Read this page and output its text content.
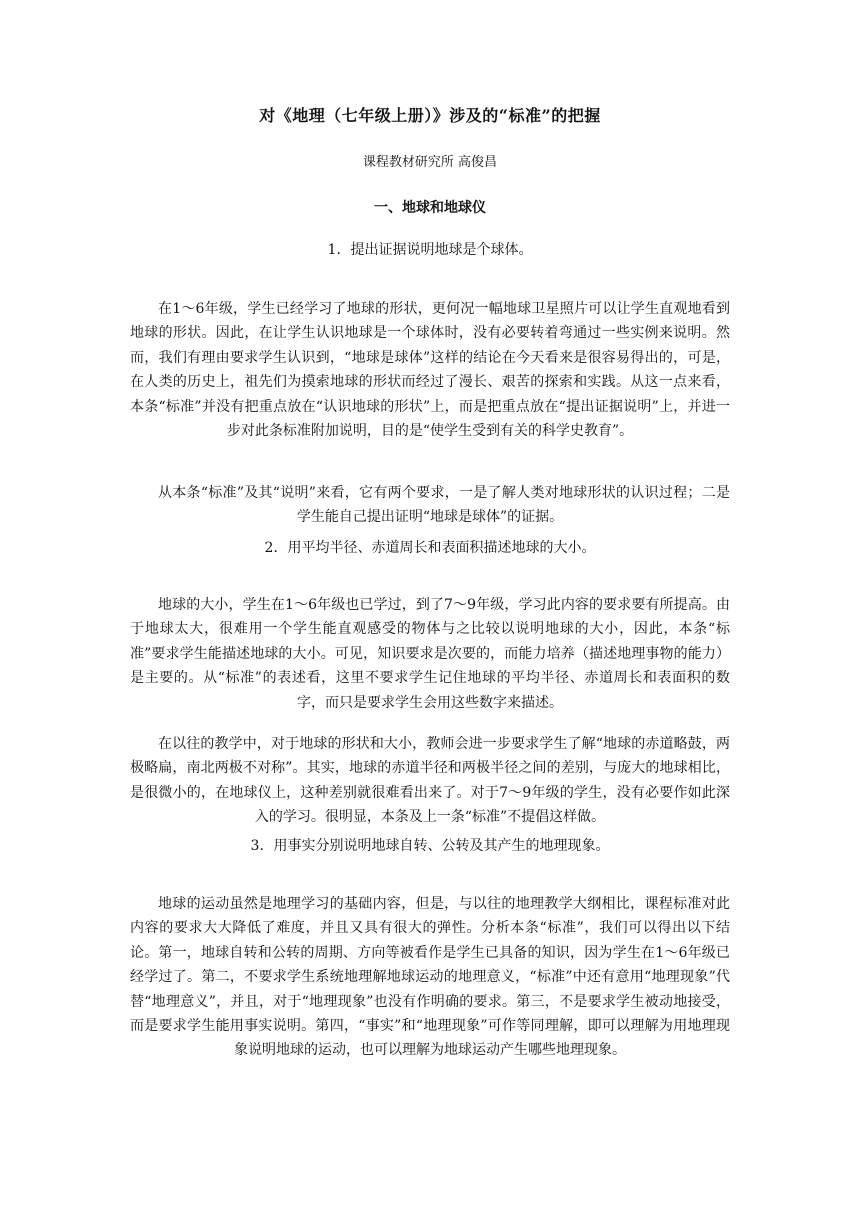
对《地理（七年级上册）》涉及的“标准”的把握
课程教材研究所 高俊昌
一、地球和地球仪
1．提出证据说明地球是个球体。

在1～6年级，学生已经学习了地球的形状，更何况一幅地球卫星照片可以让学生直观地看到地球的形状。因此，在让学生认识地球是一个球体时，没有必要转着弯通过一些实例来说明。然而，我们有理由要求学生认识到，“地球是球体”这样的结论在今天看来是很容易得出的，可是，在人类的历史上，祖先们为摸索地球的形状而经过了漫长、艰苦的探索和实践。从这一点来看，本条“标准”并没有把重点放在“认识地球的形状”上，而是把重点放在“提出证据说明”上，并进一步对此条标准附加说明，目的是“使学生受到有关的科学史教育”。

从本条“标准”及其“说明”来看，它有两个要求，一是了解人类对地球形状的认识过程；二是学生能自己提出证明“地球是球体”的证据。

2．用平均半径、赤道周长和表面积描述地球的大小。

地球的大小，学生在1～6年级也已学过，到了7～9年级，学习此内容的要求要有所提高。由于地球太大，很难用一个学生能直观感受的物体与之比较以说明地球的大小，因此，本条“标准”要求学生能描述地球的大小。可见，知识要求是次要的，而能力培养（描述地理事物的能力）是主要的。从“标准”的表述看，这里不要求学生记住地球的平均半径、赤道周长和表面积的数字，而只是要求学生会用这些数字来描述。

在以往的教学中，对于地球的形状和大小，教师会进一步要求学生了解“地球的赤道略鼓，两极略扁，南北两极不对称”。其实，地球的赤道半径和两极半径之间的差别，与庞大的地球相比，是很微小的，在地球仪上，这种差别就很难看出来了。对于7～9年级的学生，没有必要作如此深入的学习。很明显，本条及上一条“标准”不提倡这样做。

3．用事实分别说明地球自转、公转及其产生的地理现象。

地球的运动虽然是地理学习的基础内容，但是，与以往的地理教学大纲相比，课程标准对此内容的要求大大降低了难度，并且又具有很大的弹性。分析本条“标准”，我们可以得出以下结论。第一，地球自转和公转的周期、方向等被看作是学生已具备的知识，因为学生在1～6年级已经学过了。第二，不要求学生系统地理解地球运动的地理意义，“标准”中还有意用“地理现象”代替“地理意义”，并且，对于“地理现象”也没有作明确的要求。第三，不是要求学生被动地接受，而是要求学生能用事实说明。第四，“事实”和“地理现象”可作等同理解，即可以理解为用地理现象说明地球的运动，也可以理解为地球运动产生哪些地理现象。
